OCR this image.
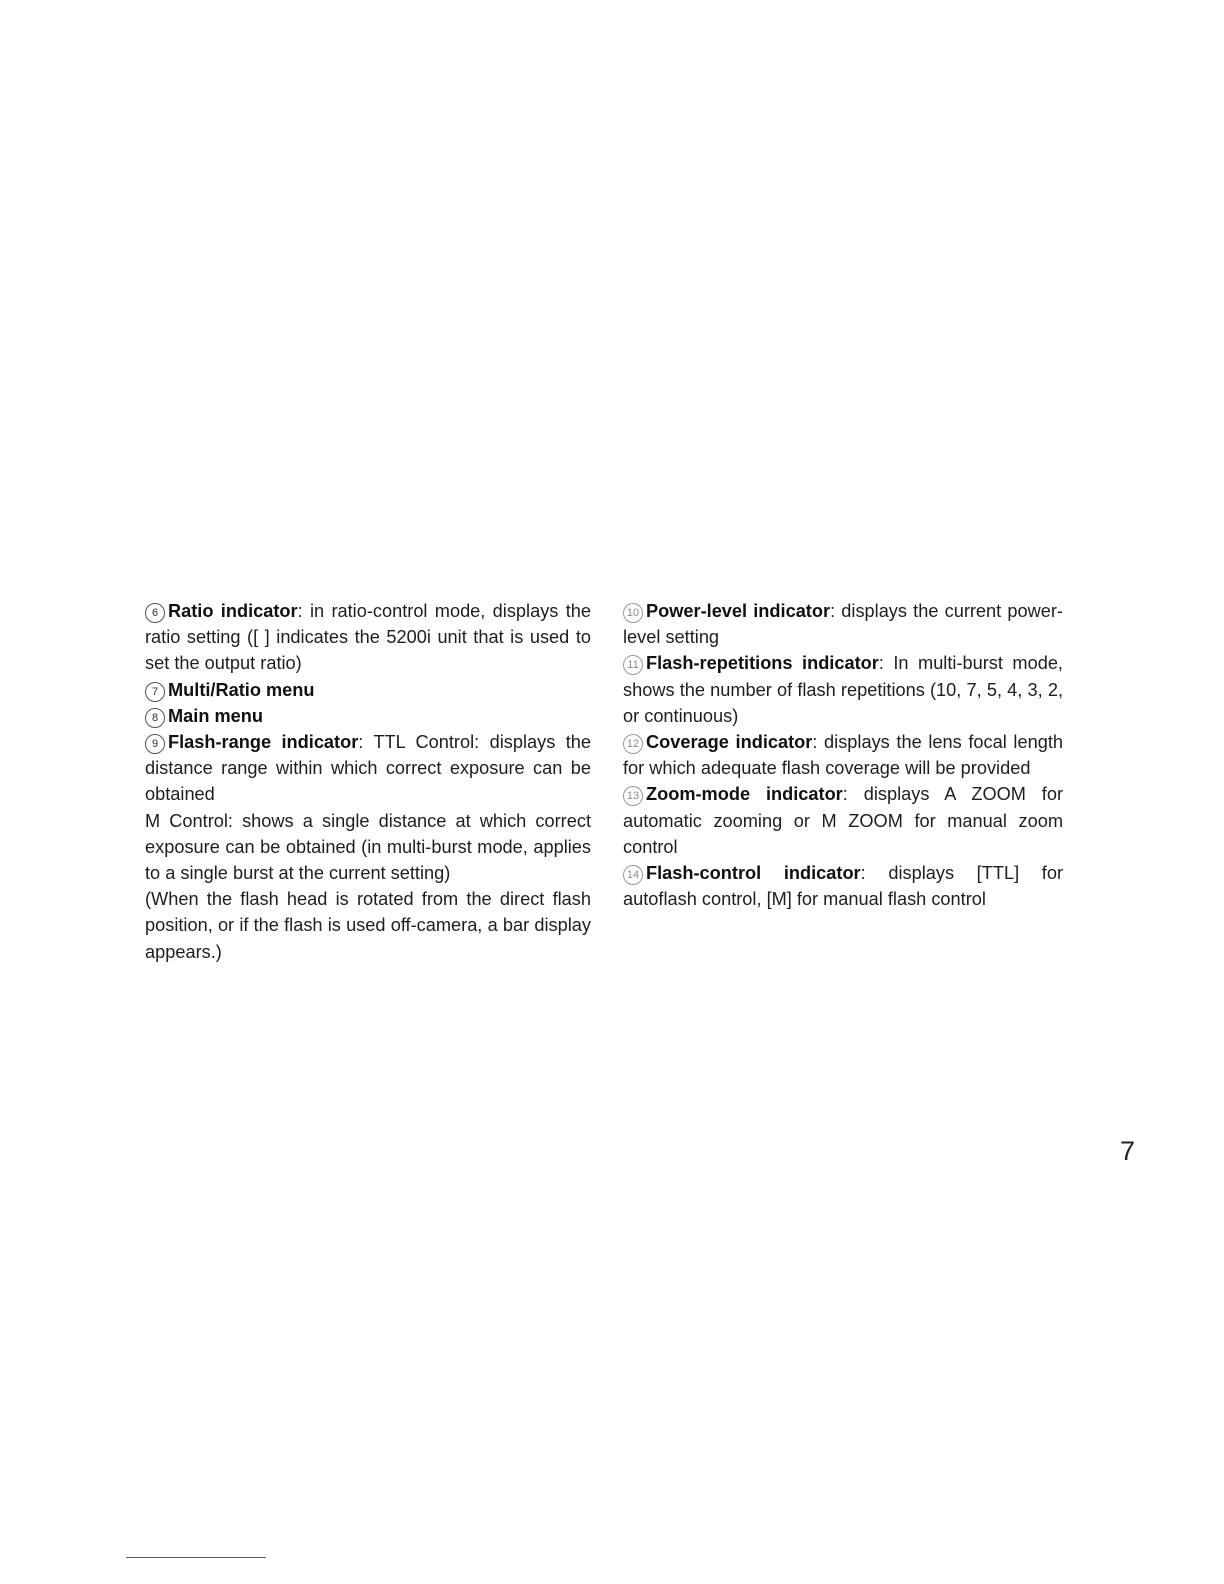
6 Ratio indicator: in ratio-control mode, displays the ratio setting ([ ] indicates the 5200i unit that is used to set the output ratio)

7 Multi/Ratio menu

8 Main menu

9 Flash-range indicator: TTL Control: displays the distance range within which correct exposure can be obtained

M Control: shows a single distance at which correct exposure can be obtained (in multi-burst mode, applies to a single burst at the current setting)

(When the flash head is rotated from the direct flash position, or if the flash is used off-camera, a bar display appears.)

10 Power-level indicator: displays the current power-level setting

11 Flash-repetitions indicator: In multi-burst mode, shows the number of flash repetitions (10, 7, 5, 4, 3, 2, or continuous)

12 Coverage indicator: displays the lens focal length for which adequate flash coverage will be provided

13 Zoom-mode indicator: displays A ZOOM for automatic zooming or M ZOOM for manual zoom control

14 Flash-control indicator: displays [TTL] for autoflash control, [M] for manual flash control

7
